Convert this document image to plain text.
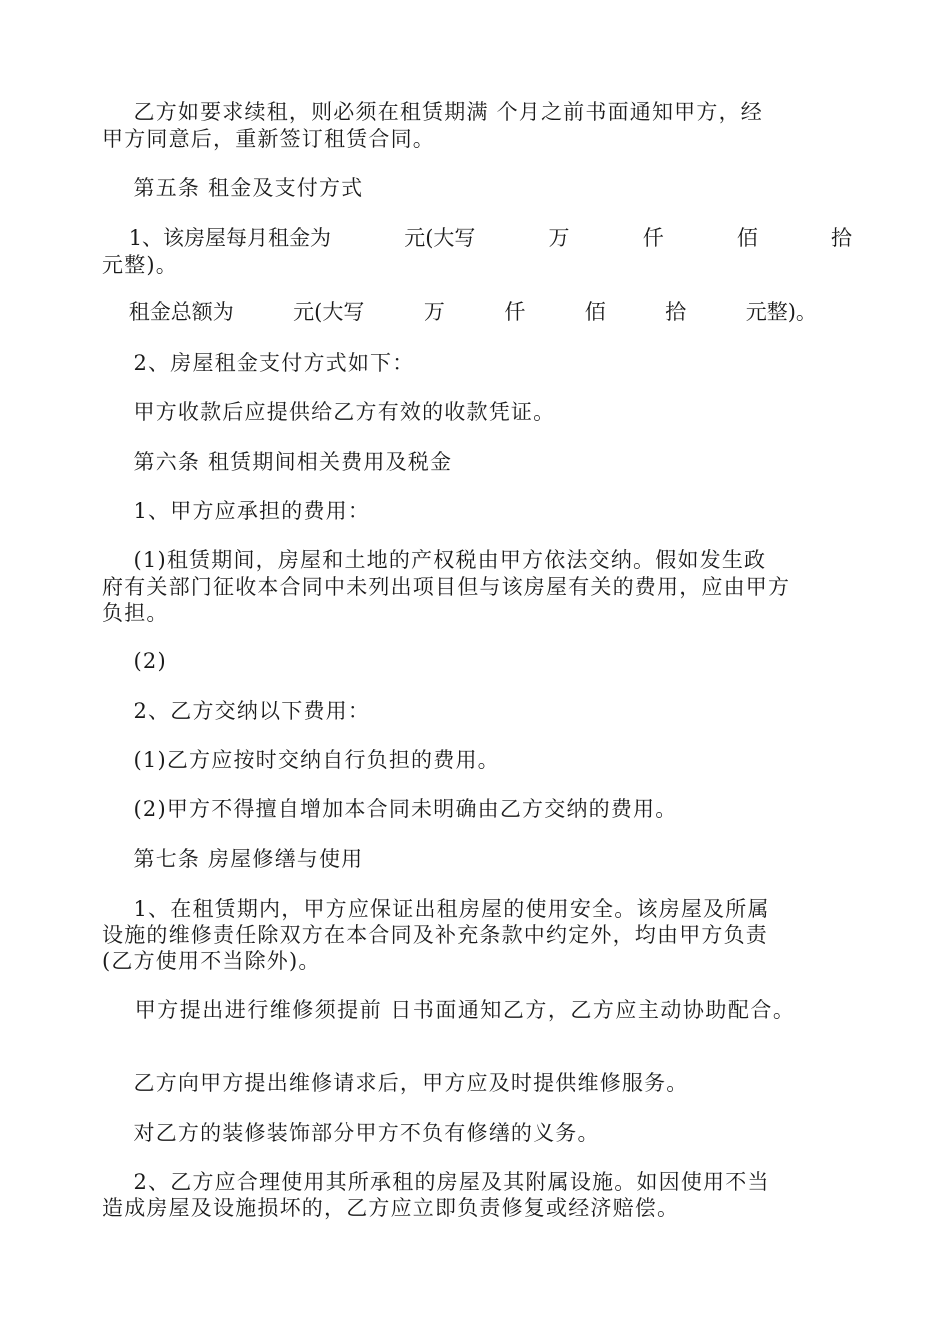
乙方如要求续租，则必须在租赁期满 个月之前书面通知甲方，经
甲方同意后，重新签订租赁合同。
第五条 租金及支付方式
1、该房屋每月租金为	元(大写	万	仟	佰	拾
元整)。
租金总额为	元(大写	万	仟	佰	拾	元整)。
2、房屋租金支付方式如下：
甲方收款后应提供给乙方有效的收款凭证。
第六条 租赁期间相关费用及税金
1、甲方应承担的费用：
(1)租赁期间，房屋和土地的产权税由甲方依法交纳。假如发生政
府有关部门征收本合同中未列出项目但与该房屋有关的费用，应由甲方
负担。
(2)
2、乙方交纳以下费用：
(1)乙方应按时交纳自行负担的费用。
(2)甲方不得擅自增加本合同未明确由乙方交纳的费用。
第七条 房屋修缮与使用
1、在租赁期内，甲方应保证出租房屋的使用安全。该房屋及所属
设施的维修责任除双方在本合同及补充条款中约定外，均由甲方负责
(乙方使用不当除外)。
甲方提出进行维修须提前 日书面通知乙方，乙方应主动协助配合。
乙方向甲方提出维修请求后，甲方应及时提供维修服务。
对乙方的装修装饰部分甲方不负有修缮的义务。
2、乙方应合理使用其所承租的房屋及其附属设施。如因使用不当
造成房屋及设施损坏的，乙方应立即负责修复或经济赔偿。
